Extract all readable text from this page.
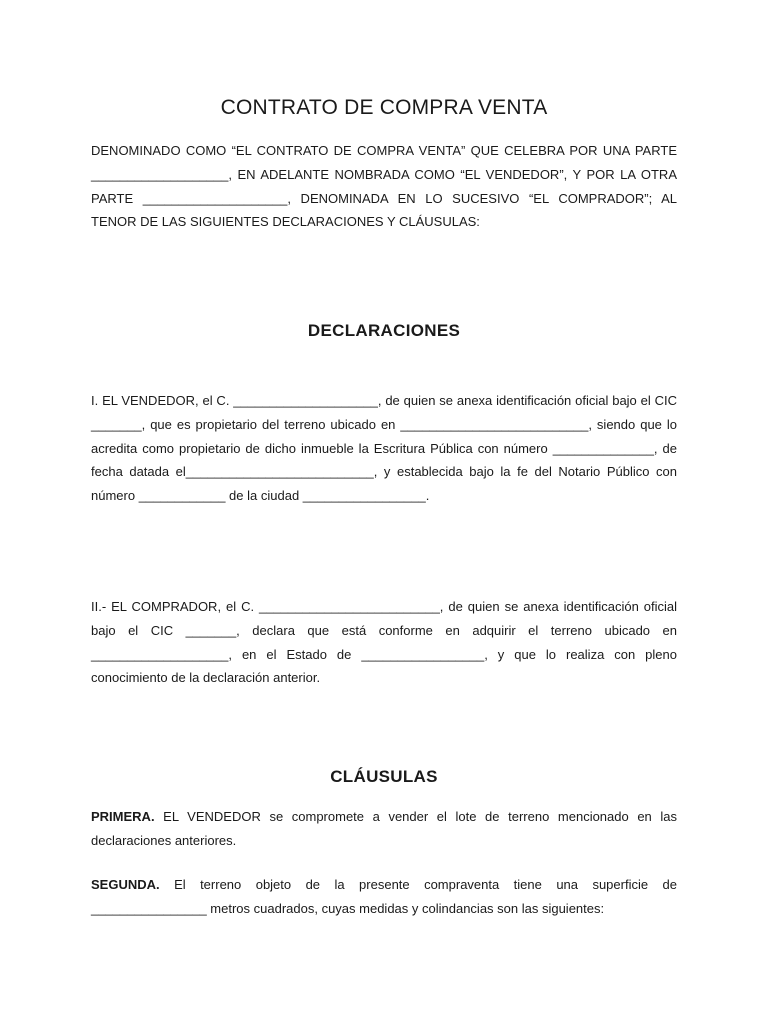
CONTRATO DE COMPRA VENTA

DENOMINADO COMO “EL CONTRATO DE COMPRA VENTA” QUE CELEBRA POR UNA PARTE ___________________, EN ADELANTE NOMBRADA COMO “EL VENDEDOR”, Y POR LA OTRA PARTE ____________________, DENOMINADA EN LO SUCESIVO “EL COMPRADOR”; AL TENOR DE LAS SIGUIENTES DECLARACIONES Y CLÁUSULAS:

DECLARACIONES

I. EL VENDEDOR, el C. ____________________, de quien se anexa identificación oficial bajo el CIC _______, que es propietario del terreno ubicado en __________________________, siendo que lo acredita como propietario de dicho inmueble la Escritura Pública con número ______________, de fecha datada el__________________________, y establecida bajo la fe del Notario Público con número ____________ de la ciudad _________________.

II.- EL COMPRADOR, el C. _________________________, de quien se anexa identificación oficial bajo el CIC _______, declara que está conforme en adquirir el terreno ubicado en ___________________, en el Estado de _________________, y que lo realiza con pleno conocimiento de la declaración anterior.

CLÁUSULAS

PRIMERA. EL VENDEDOR se compromete a vender el lote de terreno mencionado en las declaraciones anteriores.

SEGUNDA. El terreno objeto de la presente compraventa tiene una superficie de ________________ metros cuadrados, cuyas medidas y colindancias son las siguientes:
